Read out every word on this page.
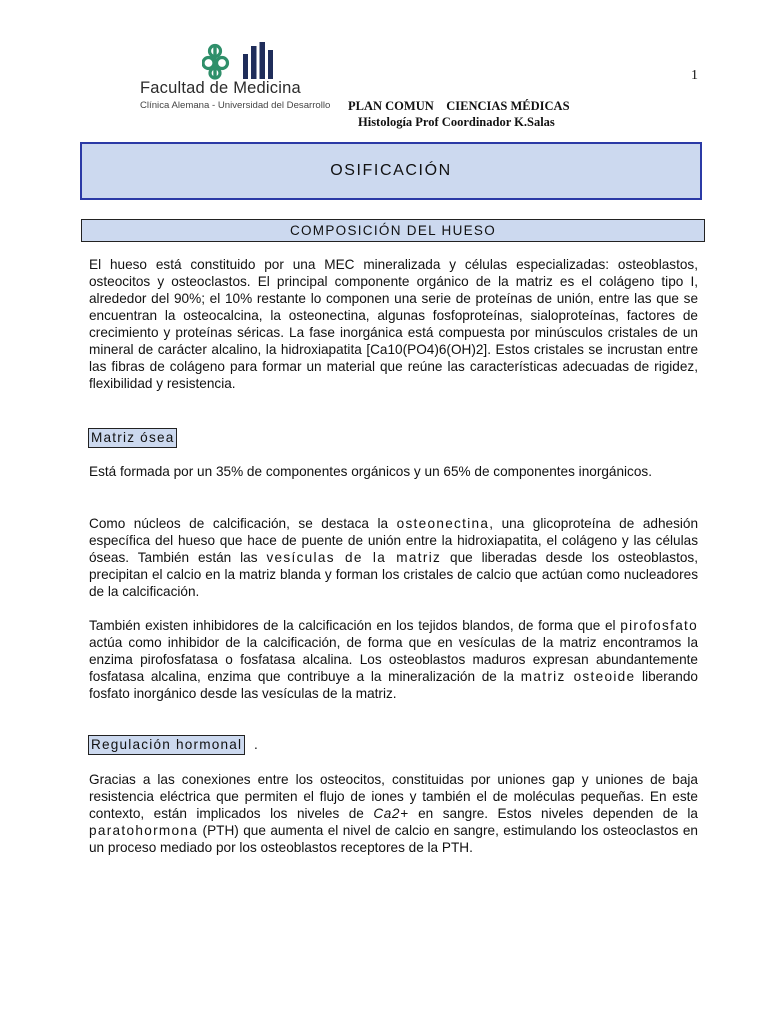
Facultad de Medicina
Clínica Alemana - Universidad del Desarrollo
1
PLAN COMUN    CIENCIAS MÉDICAS
Histología Prof Coordinador K.Salas
OSIFICACIÓN
COMPOSICIÓN DEL HUESO

El hueso está constituido por una MEC mineralizada y células especializadas: osteoblastos, osteocitos y osteoclastos. El principal componente orgánico de la matriz es el colágeno tipo I, alrededor del 90%; el 10% restante lo componen una serie de proteínas de unión, entre las que se encuentran la osteocalcina, la osteonectina, algunas fosfoproteínas, sialoproteínas, factores de crecimiento y proteínas séricas. La fase inorgánica está compuesta por minúsculos cristales de un mineral de carácter alcalino, la hidroxiapatita [Ca10(PO4)6(OH)2]. Estos cristales se incrustan entre las fibras de colágeno para formar un material que reúne las características adecuadas de rigidez, flexibilidad y resistencia.

Matriz ósea

Está formada por un 35% de componentes orgánicos y un 65% de componentes inorgánicos.

Como núcleos de calcificación, se destaca la osteonectina, una glicoproteína de adhesión específica del hueso que hace de puente de unión entre la hidroxiapatita, el colágeno y las células óseas. También están las vesículas de la matriz que liberadas desde los osteoblastos, precipitan el calcio en la matriz blanda y forman los cristales de calcio que actúan como nucleadores de la calcificación.

También existen inhibidores de la calcificación en los tejidos blandos, de forma que el pirofosfato actúa como inhibidor de la calcificación, de forma que en vesículas de la matriz encontramos la enzima pirofosfatasa o fosfatasa alcalina. Los osteoblastos maduros expresan abundantemente fosfatasa alcalina, enzima que contribuye a la mineralización de la matriz osteoide liberando fosfato inorgánico desde las vesículas de la matriz.

Regulación hormonal .

Gracias a las conexiones entre los osteocitos, constituidas por uniones gap y uniones de baja resistencia eléctrica que permiten el flujo de iones y también el de moléculas pequeñas. En este contexto, están implicados los niveles de Ca2+ en sangre. Estos niveles dependen de la paratohormona (PTH) que aumenta el nivel de calcio en sangre, estimulando los osteoclastos en un proceso mediado por los osteoblastos receptores de la PTH.
